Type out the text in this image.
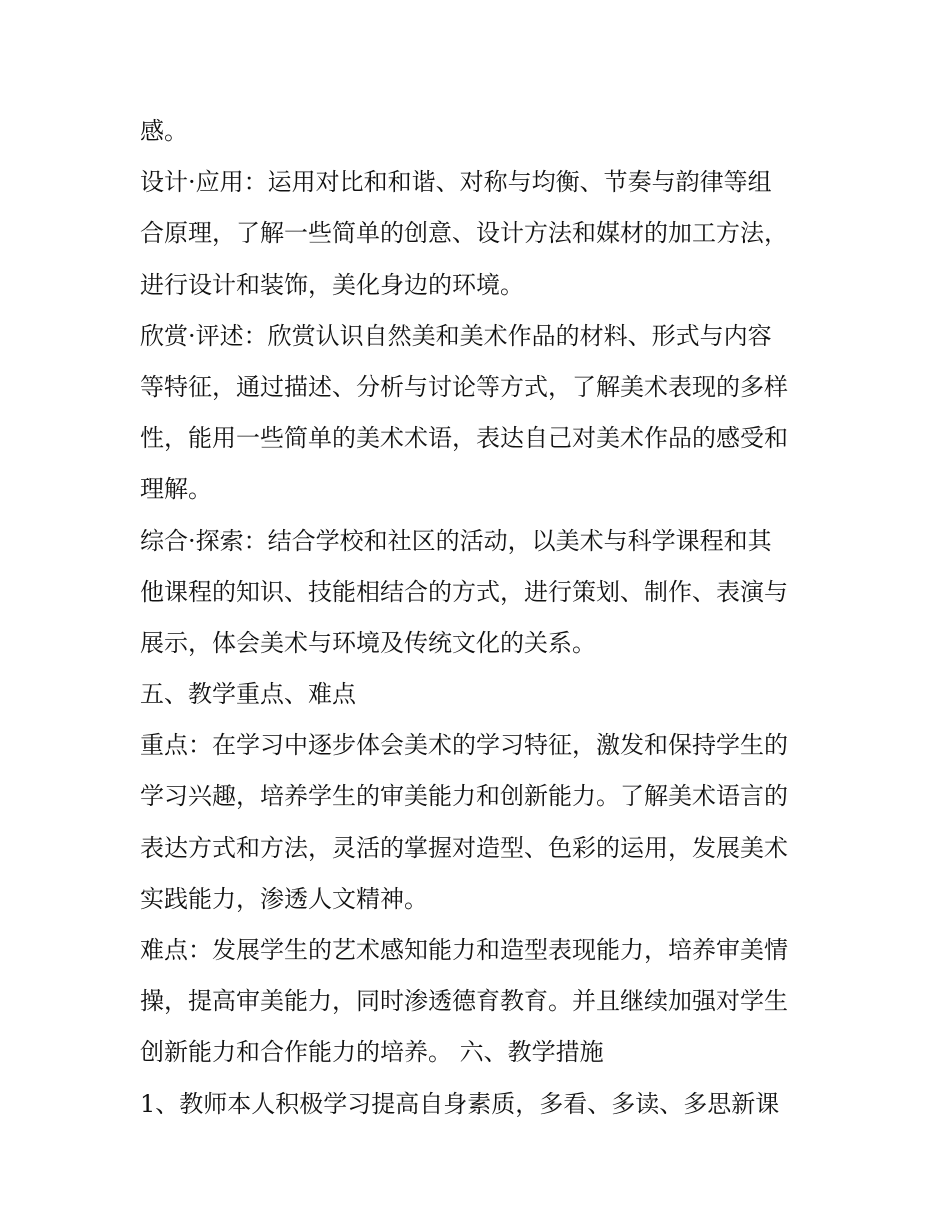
感。
设计·应用：运用对比和和谐、对称与均衡、节奏与韵律等组
合原理，了解一些简单的创意、设计方法和媒材的加工方法，
进行设计和装饰，美化身边的环境。
欣赏·评述：欣赏认识自然美和美术作品的材料、形式与内容
等特征，通过描述、分析与讨论等方式，了解美术表现的多样
性，能用一些简单的美术术语，表达自己对美术作品的感受和
理解。
综合·探索：结合学校和社区的活动，以美术与科学课程和其
他课程的知识、技能相结合的方式，进行策划、制作、表演与
展示，体会美术与环境及传统文化的关系。
五、教学重点、难点
重点：在学习中逐步体会美术的学习特征，激发和保持学生的
学习兴趣，培养学生的审美能力和创新能力。了解美术语言的
表达方式和方法，灵活的掌握对造型、色彩的运用，发展美术
实践能力，渗透人文精神。
难点：发展学生的艺术感知能力和造型表现能力，培养审美情
操，提高审美能力，同时渗透德育教育。并且继续加强对学生
创新能力和合作能力的培养。 六、教学措施
1、教师本人积极学习提高自身素质，多看、多读、多思新课
